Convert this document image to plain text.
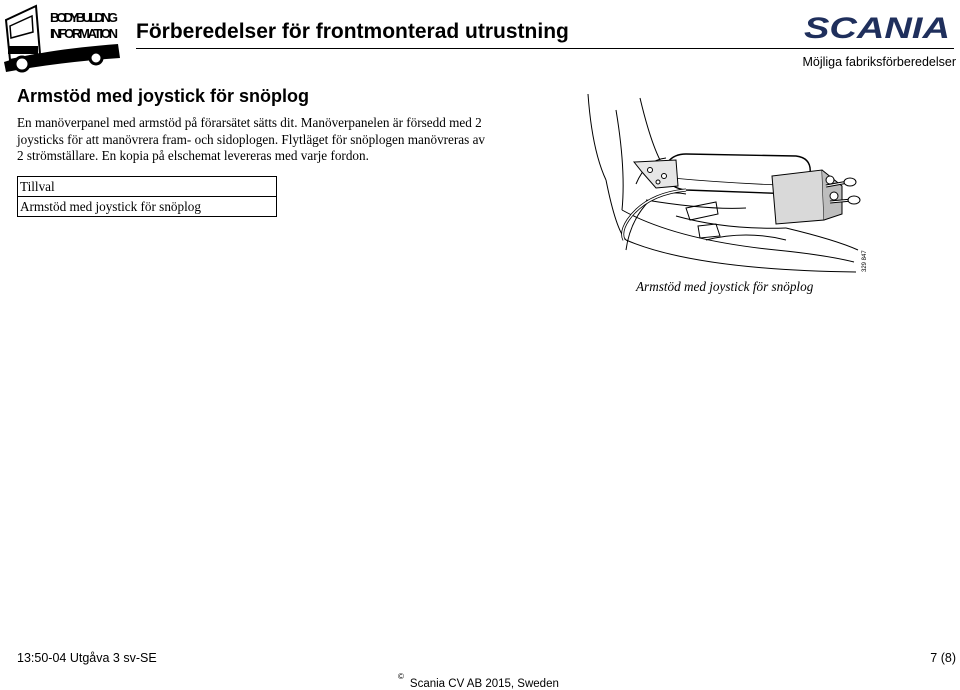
BODYBUILDING
INFORMATION Förberedelser för frontmonterad utrustning	SCANIA
Möjliga fabriksförberedelser
Armstöd med joystick för snöplog

En manöverpanel med armstöd på förarsätet sätts dit. Manöverpanelen är försedd med 2 joysticks för att manövrera fram- och sidoplogen. Flytläget för snöplogen manövreras av 2 strömställare. En kopia på elschemat levereras med varje fordon.

Tillval
Armstöd med joystick för snöplog
329 847
Armstöd med joystick för snöplog
13:50-04 Utgåva 3 sv-SE	7 (8)
©Scania CV AB 2015, Sweden
